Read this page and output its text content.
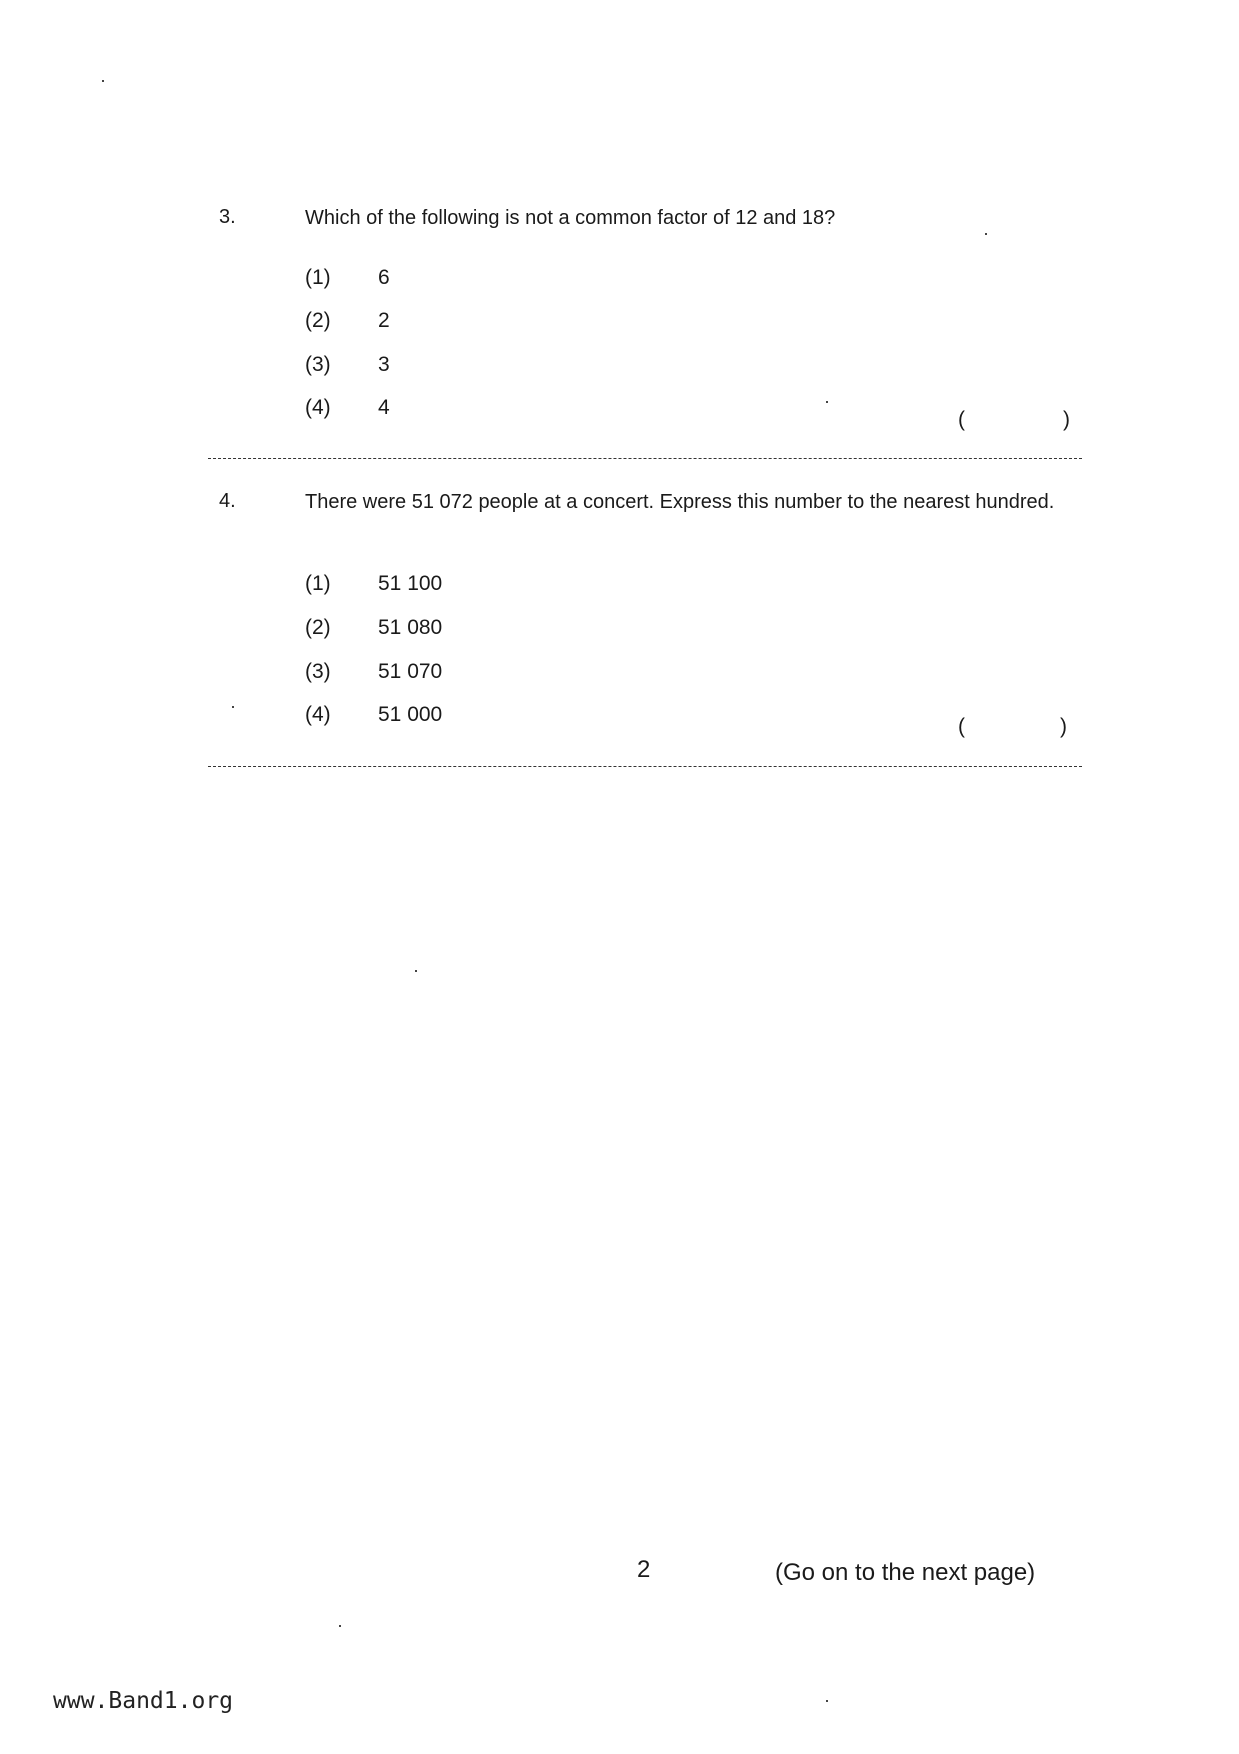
3.	Which of the following is not a common factor of 12 and 18?
(1) 6
(2) 2
(3) 3
(4) 4
(	)
4.	There were 51 072 people at a concert. Express this number to the nearest hundred.
(1) 51 100
(2) 51 080
(3) 51 070
(4) 51 000
(	)
2	(Go on to the next page)
www.Band1.org
